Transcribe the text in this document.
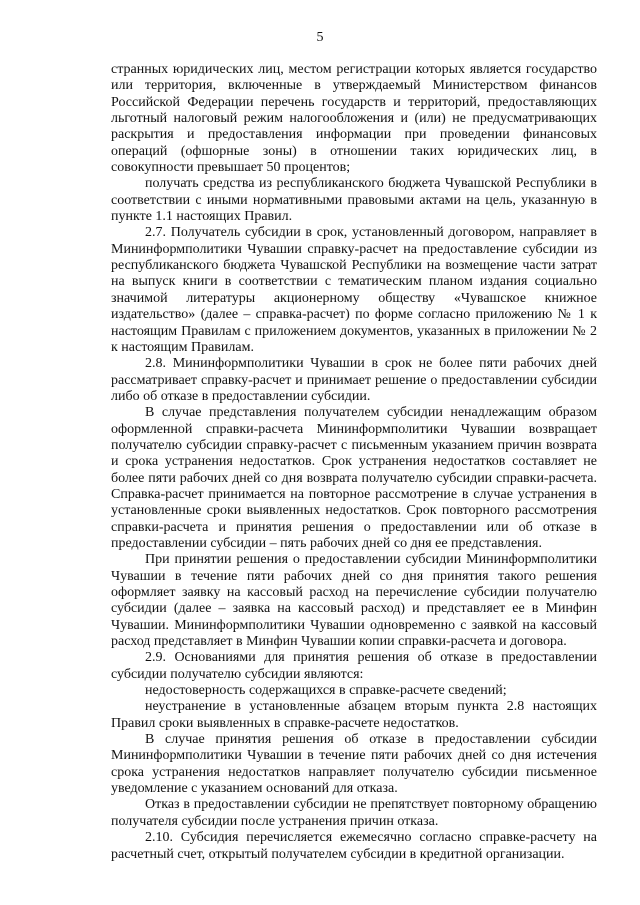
5

странных юридических лиц, местом регистрации которых является государство или территория, включенные в утверждаемый Министерством финансов Российской Федерации перечень государств и территорий, предоставляющих льготный налоговый режим налогообложения и (или) не предусматривающих раскрытия и предоставления информации при проведении финансовых операций (офшорные зоны) в отношении таких юридических лиц, в совокупности превышает 50 процентов;

получать средства из республиканского бюджета Чувашской Республики в соответствии с иными нормативными правовыми актами на цель, указанную в пункте 1.1 настоящих Правил.

2.7. Получатель субсидии в срок, установленный договором, направляет в Мининформполитики Чувашии справку-расчет на предоставление субсидии из республиканского бюджета Чувашской Республики на возмещение части затрат на выпуск книги в соответствии с тематическим планом издания социально значимой литературы акционерному обществу «Чувашское книжное издательство» (далее – справка-расчет) по форме согласно приложению № 1 к настоящим Правилам с приложением документов, указанных в приложении № 2 к настоящим Правилам.

2.8. Мининформполитики Чувашии в срок не более пяти рабочих дней рассматривает справку-расчет и принимает решение о предоставлении субсидии либо об отказе в предоставлении субсидии.

В случае представления получателем субсидии ненадлежащим образом оформленной справки-расчета Мининформполитики Чувашии возвращает получателю субсидии справку-расчет с письменным указанием причин возврата и срока устранения недостатков. Срок устранения недостатков составляет не более пяти рабочих дней со дня возврата получателю субсидии справки-расчета. Справка-расчет принимается на повторное рассмотрение в случае устранения в установленные сроки выявленных недостатков. Срок повторного рассмотрения справки-расчета и принятия решения о предоставлении или об отказе в предоставлении субсидии – пять рабочих дней со дня ее представления.

При принятии решения о предоставлении субсидии Мининформполитики Чувашии в течение пяти рабочих дней со дня принятия такого решения оформляет заявку на кассовый расход на перечисление субсидии получателю субсидии (далее – заявка на кассовый расход) и представляет ее в Минфин Чувашии. Мининформполитики Чувашии одновременно с заявкой на кассовый расход представляет в Минфин Чувашии копии справки-расчета и договора.

2.9. Основаниями для принятия решения об отказе в предоставлении субсидии получателю субсидии являются:

недостоверность содержащихся в справке-расчете сведений;

неустранение в установленные абзацем вторым пункта 2.8 настоящих Правил сроки выявленных в справке-расчете недостатков.

В случае принятия решения об отказе в предоставлении субсидии Мининформполитики Чувашии в течение пяти рабочих дней со дня истечения срока устранения недостатков направляет получателю субсидии письменное уведомление с указанием оснований для отказа.

Отказ в предоставлении субсидии не препятствует повторному обращению получателя субсидии после устранения причин отказа.

2.10. Субсидия перечисляется ежемесячно согласно справке-расчету на расчетный счет, открытый получателем субсидии в кредитной организации.
